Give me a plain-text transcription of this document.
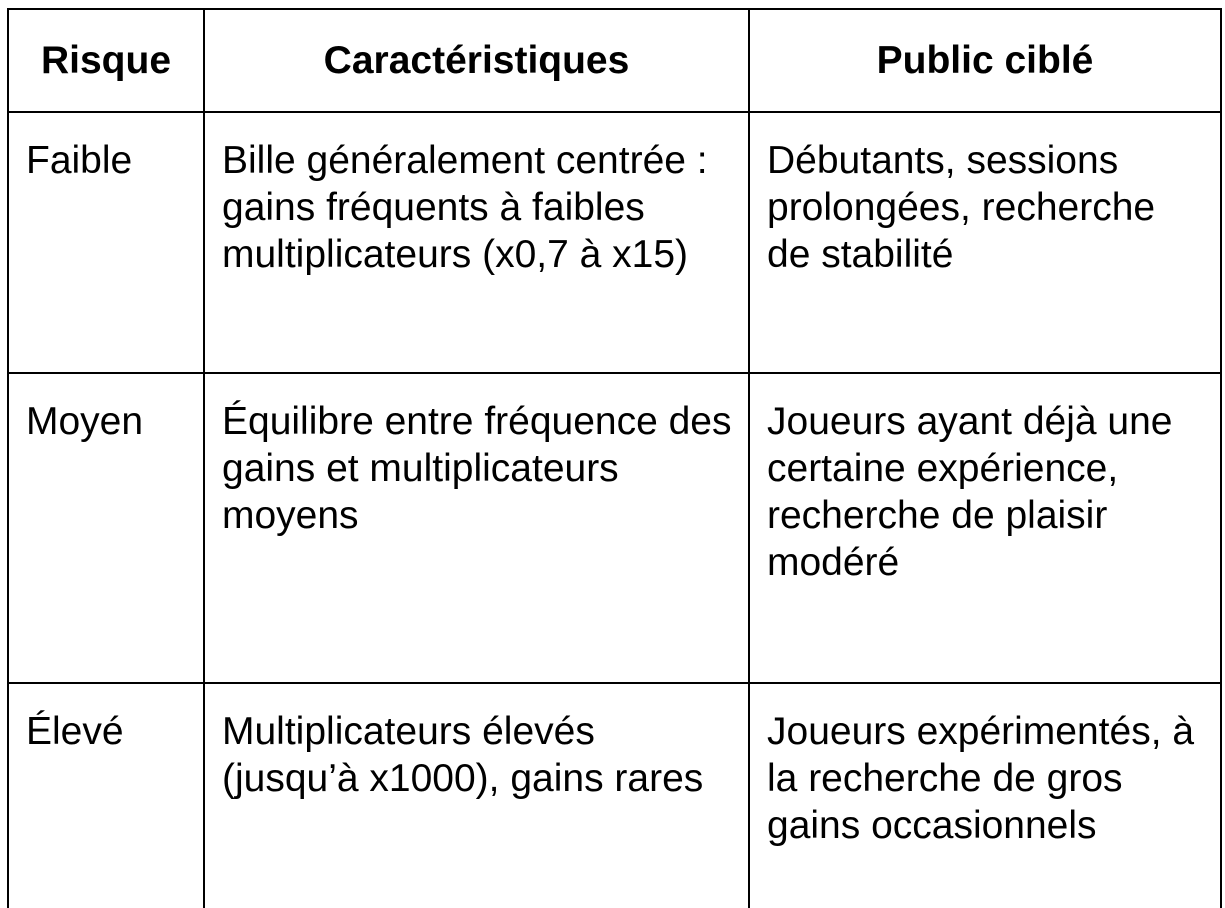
Risque	Caractéristiques	Public ciblé
Faible	Bille généralement centrée : gains fréquents à faibles multiplicateurs (x0,7 à x15)	Débutants, sessions prolongées, recherche de stabilité
Moyen	Équilibre entre fréquence des gains et multiplicateurs moyens	Joueurs ayant déjà une certaine expérience, recherche de plaisir modéré
Élevé	Multiplicateurs élevés (jusqu’à x1000), gains rares	Joueurs expérimentés, à la recherche de gros gains occasionnels
